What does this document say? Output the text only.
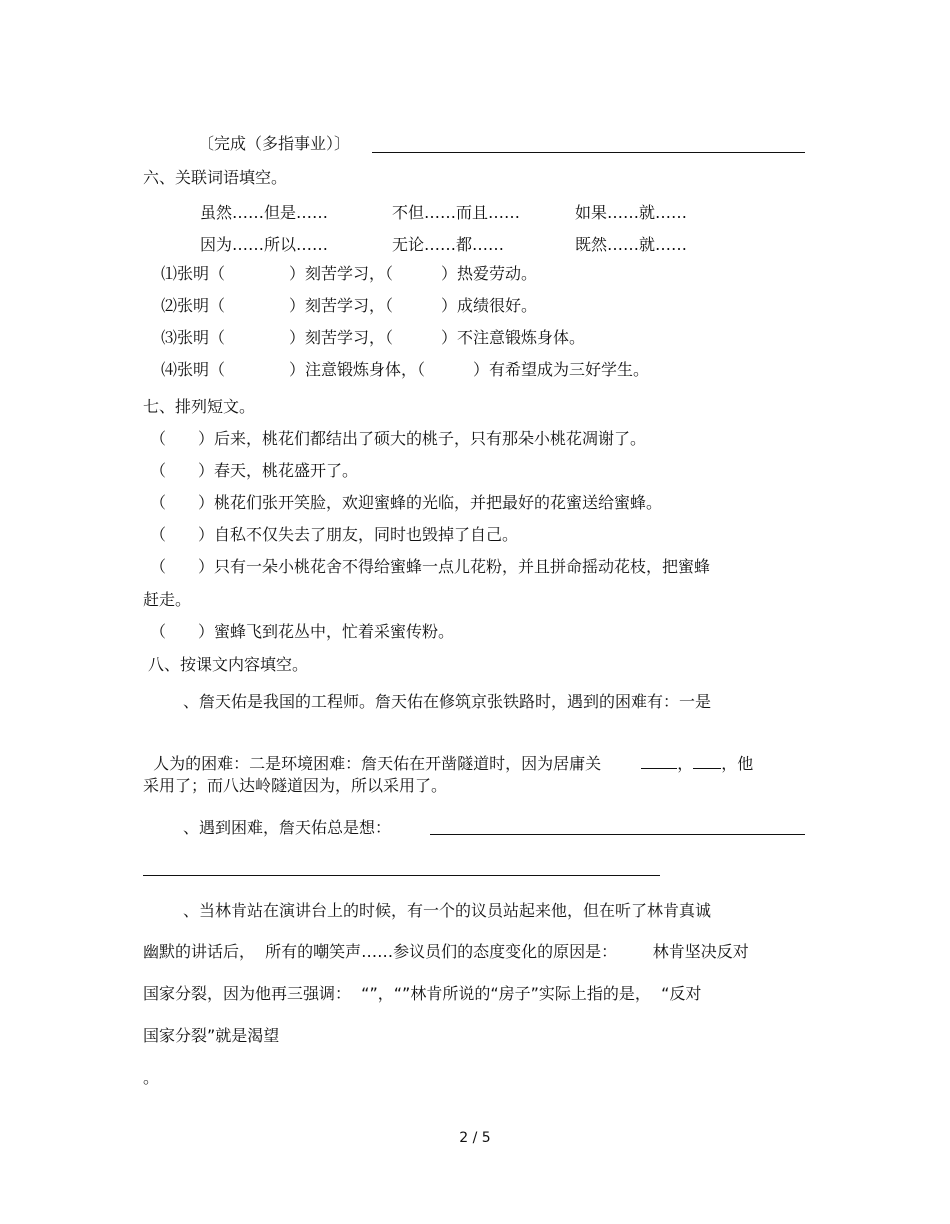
〔完成（多指事业）〕
六、关联词语填空。
虽然……但是……	不但……而且……	如果……就……
因为……所以……	无论……都……	既然……就……
⑴张明（　　　　）刻苦学习，（　　　）热爱劳动。
⑵张明（　　　　）刻苦学习，（　　　）成绩很好。
⑶张明（　　　　）刻苦学习，（　　　）不注意锻炼身体。
⑷张明（　　　　）注意锻炼身体，（　　　）有希望成为三好学生。
七、排列短文。
（　　）后来，桃花们都结出了硕大的桃子，只有那朵小桃花凋谢了。
（　　）春天，桃花盛开了。
（　　）桃花们张开笑脸，欢迎蜜蜂的光临，并把最好的花蜜送给蜜蜂。
（　　）自私不仅失去了朋友，同时也毁掉了自己。
（　　）只有一朵小桃花舍不得给蜜蜂一点儿花粉，并且拼命摇动花枝，把蜜蜂
赶走。
（　　）蜜蜂飞到花丛中，忙着采蜜传粉。
八、按课文内容填空。
、詹天佑是我国的工程师。詹天佑在修筑京张铁路时，遇到的困难有：一是

人为的困难：二是环境困难：詹天佑在开凿隧道时，因为居庸关	， ，他

采用了；而八达岭隧道因为，所以采用了。
、遇到困难，詹天佑总是想：
、当林肯站在演讲台上的时候，有一个的议员站起来他，但在听了林肯真诚
幽默的讲话后，  所有的嘲笑声……参议员们的态度变化的原因是：       林肯坚决反对
国家分裂，因为他再三强调：  “”，“”林肯所说的“房子”实际上指的是，  “反对
国家分裂”就是渴望
。
2 / 5
